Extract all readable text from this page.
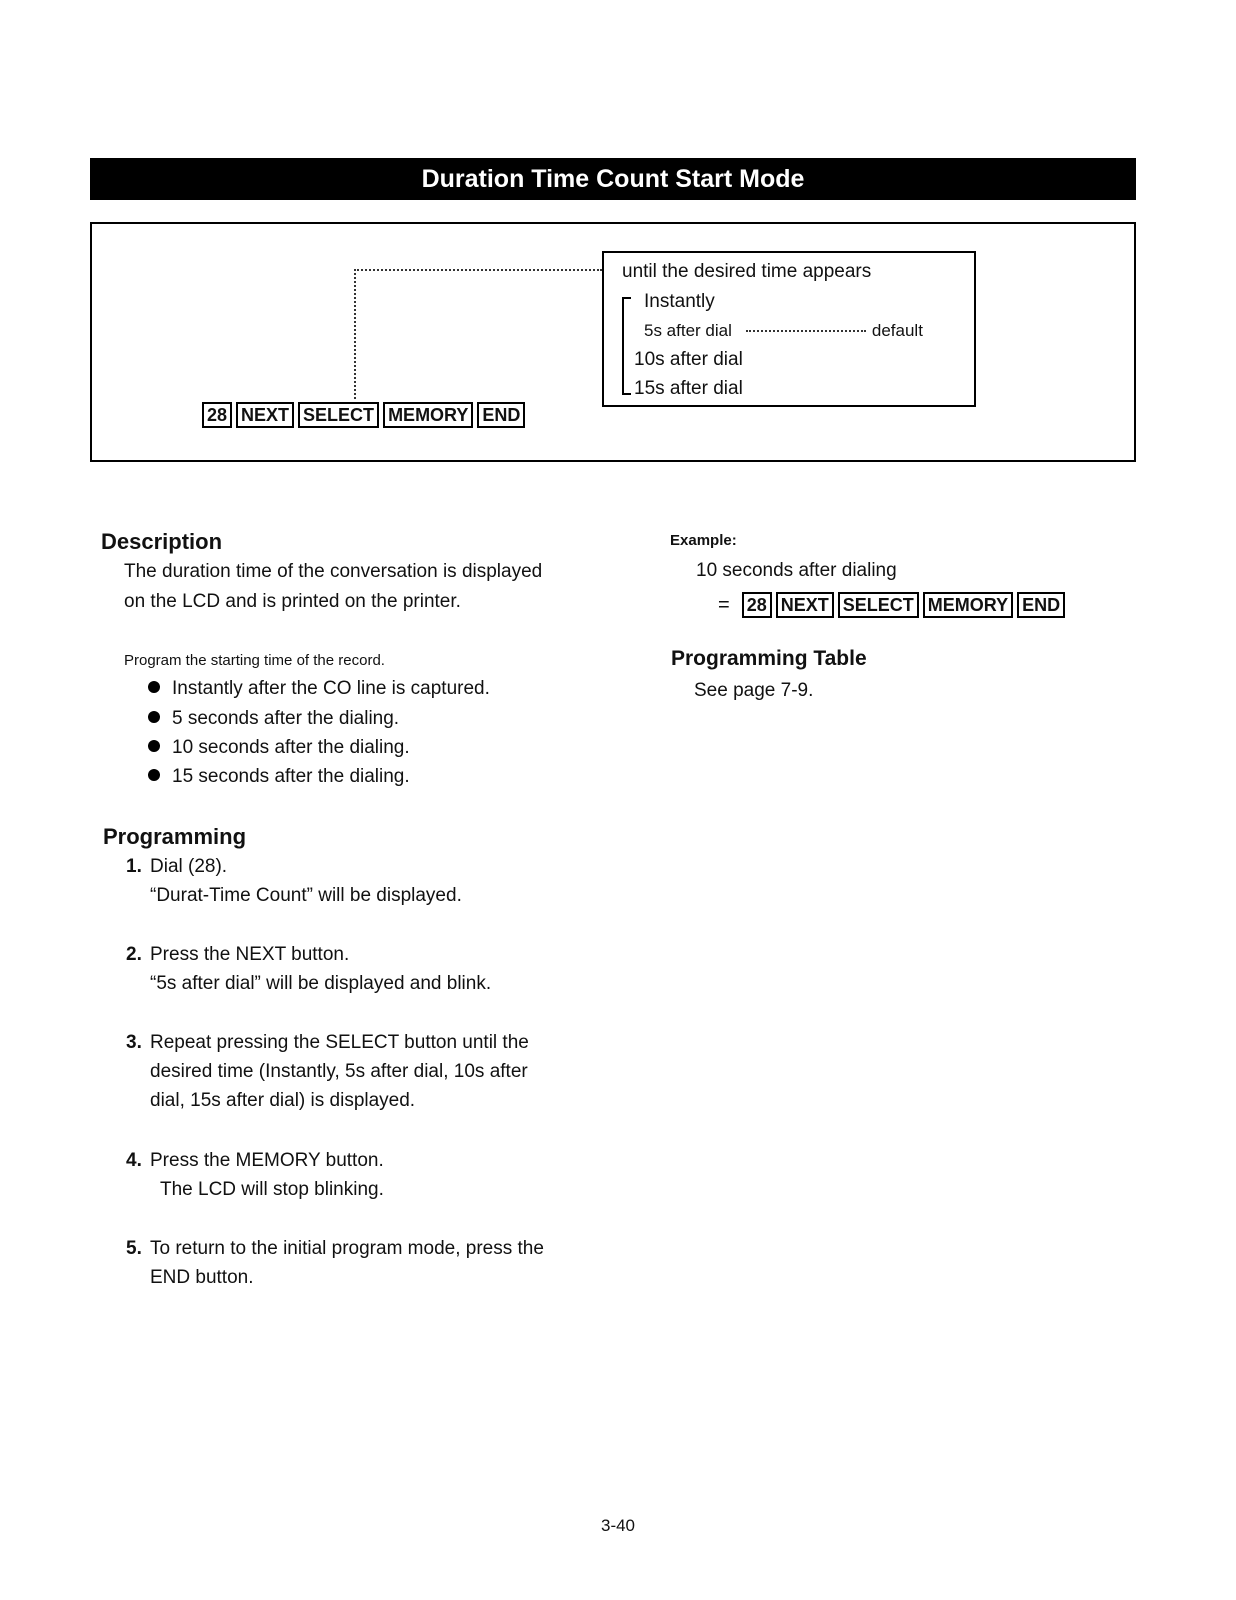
Duration Time Count Start Mode
28 NEXT SELECT MEMORY END
until the desired time appears
Instantly
5s after dial	default
10s after dial
15s after dial
Description
The duration time of the conversation is displayed on the LCD and is printed on the printer.
Program the starting time of the record.
Instantly after the CO line is captured.
5 seconds after the dialing.
10 seconds after the dialing.
15 seconds after the dialing.
Programming
1. Dial (28).
“Durat-Time Count” will be displayed.
2. Press the NEXT button.
“5s after dial” will be displayed and blink.
3. Repeat pressing the SELECT button until the desired time (Instantly, 5s after dial, 10s after dial, 15s after dial) is displayed.
4. Press the MEMORY button.
The LCD will stop blinking.
5. To return to the initial program mode, press the END button.
Example:
10 seconds after dialing
= 28 NEXT SELECT MEMORY END
Programming Table
See page 7-9.
3-40
